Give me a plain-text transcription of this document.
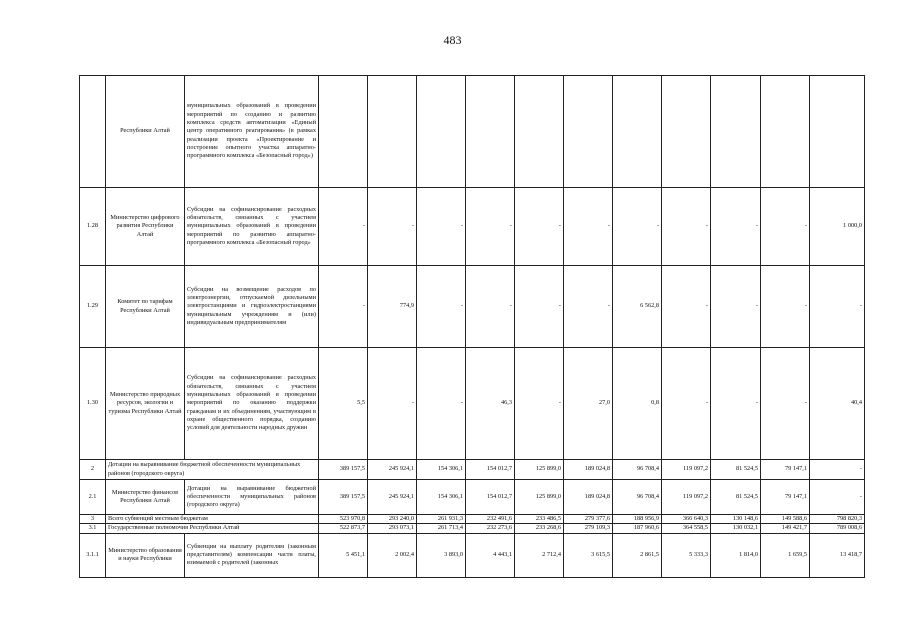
483
	Республики Алтай	муниципальных образований в проведении мероприятий по созданию и развитию комплекса средств автоматизации «Единый центр оперативного реагирования» (в рамках реализации проекта «Проектирование и построение опытного участка аппаратно-программного комплекса «Безопасный город»)											
1.28	Министерство цифрового развития Республики Алтай	Субсидии на софинансирование расходных обязательств, связанных с участием муниципальных образований в проведении мероприятий по развитию аппаратно-программного комплекса «Безопасный город»	-	-	-	-	-	-	-	-	-	-	1 000,0
1.29	Комитет по тарифам Республики Алтай	Субсидии на возмещение расходов по электроэнергии, отпускаемой дизельными электростанциями и гидроэлектростанциями муниципальным учреждениям и (или) индивидуальным предпринимателям	-	774,9	-	-	-	-	6 562,8	-	-	-	-
1.30	Министерство природных ресурсов, экологии и туризма Республики Алтай	Субсидии на софинансирование расходных обязательств, связанных с участием муниципальных образований в проведении мероприятий по оказанию поддержки гражданам и их объединениям, участвующим в охране общественного порядка, созданию условий для деятельности народных дружин	5,5	-	-	46,3	-	27,0	0,8	-	-	-	40,4
2	Дотации на выравнивание бюджетной обеспеченности муниципальных районов (городского округа)		389 157,5	245 924,1	154 306,1	154 012,7	125 899,0	189 024,8	96 708,4	119 097,2	81 524,5	79 147,1	-
2.1	Министерство финансов Республики Алтай	Дотации на выравнивание бюджетной обеспеченности муниципальных районов (городского округа)	389 157,5	245 924,1	154 306,1	154 012,7	125 899,0	189 024,8	96 708,4	119 097,2	81 524,5	79 147,1	-
3	Всего субвенций местным бюджетам		523 970,8	293 240,0	261 931,3	232 491,6	233 486,5	279 377,6	188 956,9	366 640,3	130 148,6	149 588,6	798 820,3
3.1	Государственные полномочия Республики Алтай		522 873,7	293 073,1	261 713,4	232 273,6	233 268,6	279 109,3	187 960,6	364 558,5	130 032,1	149 421,7	789 008,6
3.1.1	Министерство образования и науки Республики	Субвенции на выплату родителям (законным представителям) компенсации части платы, взимаемой с родителей (законных	5 451,1	2 002,4	3 893,0	4 443,1	2 712,4	3 615,5	2 861,5	5 333,3	1 814,0	1 659,5	13 418,7
